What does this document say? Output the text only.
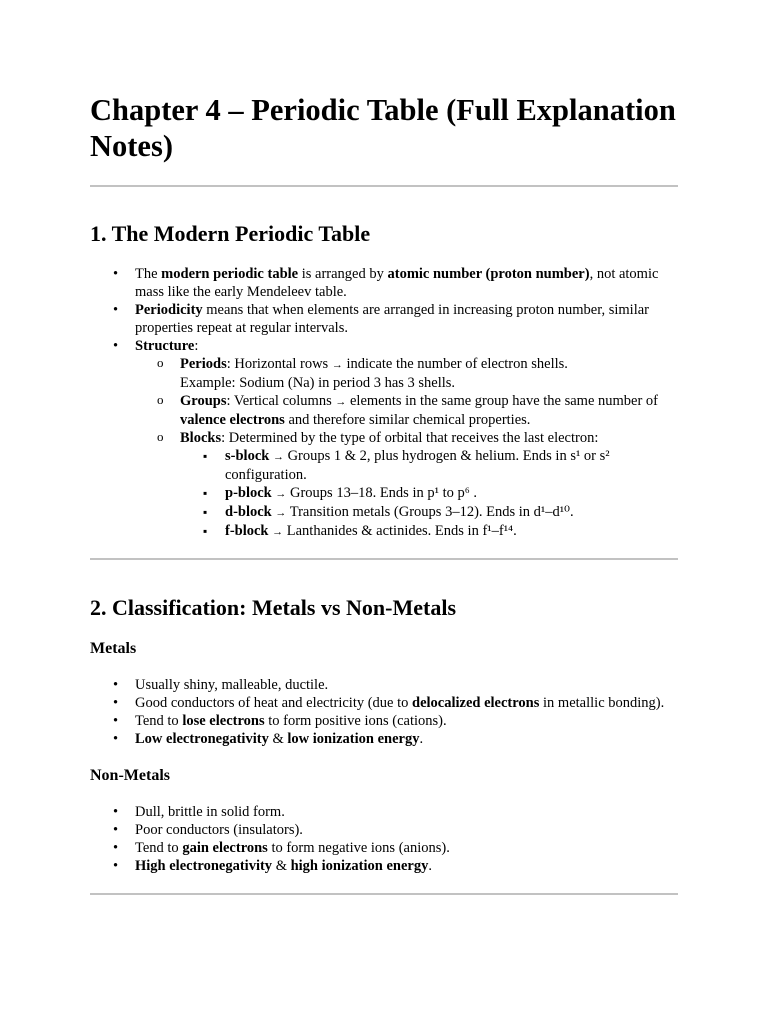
Chapter 4 – Periodic Table (Full Explanation Notes)
1. The Modern Periodic Table
• The modern periodic table is arranged by atomic number (proton number), not atomic mass like the early Mendeleev table.
• Periodicity means that when elements are arranged in increasing proton number, similar properties repeat at regular intervals.
• Structure:
o Periods: Horizontal rows → indicate the number of electron shells.
Example: Sodium (Na) in period 3 has 3 shells.
o Groups: Vertical columns → elements in the same group have the same number of valence electrons and therefore similar chemical properties.
o Blocks: Determined by the type of orbital that receives the last electron:
▪ s-block → Groups 1 & 2, plus hydrogen & helium. Ends in s¹ or s² configuration.
▪ p-block → Groups 13–18. Ends in p¹ to p⁶ .
▪ d-block → Transition metals (Groups 3–12). Ends in d¹–d¹⁰.
▪ f-block → Lanthanides & actinides. Ends in f¹–f¹⁴.
2. Classification: Metals vs Non-Metals
Metals
• Usually shiny, malleable, ductile.
• Good conductors of heat and electricity (due to delocalized electrons in metallic bonding).
• Tend to lose electrons to form positive ions (cations).
• Low electronegativity & low ionization energy.
Non-Metals
• Dull, brittle in solid form.
• Poor conductors (insulators).
• Tend to gain electrons to form negative ions (anions).
• High electronegativity & high ionization energy.
